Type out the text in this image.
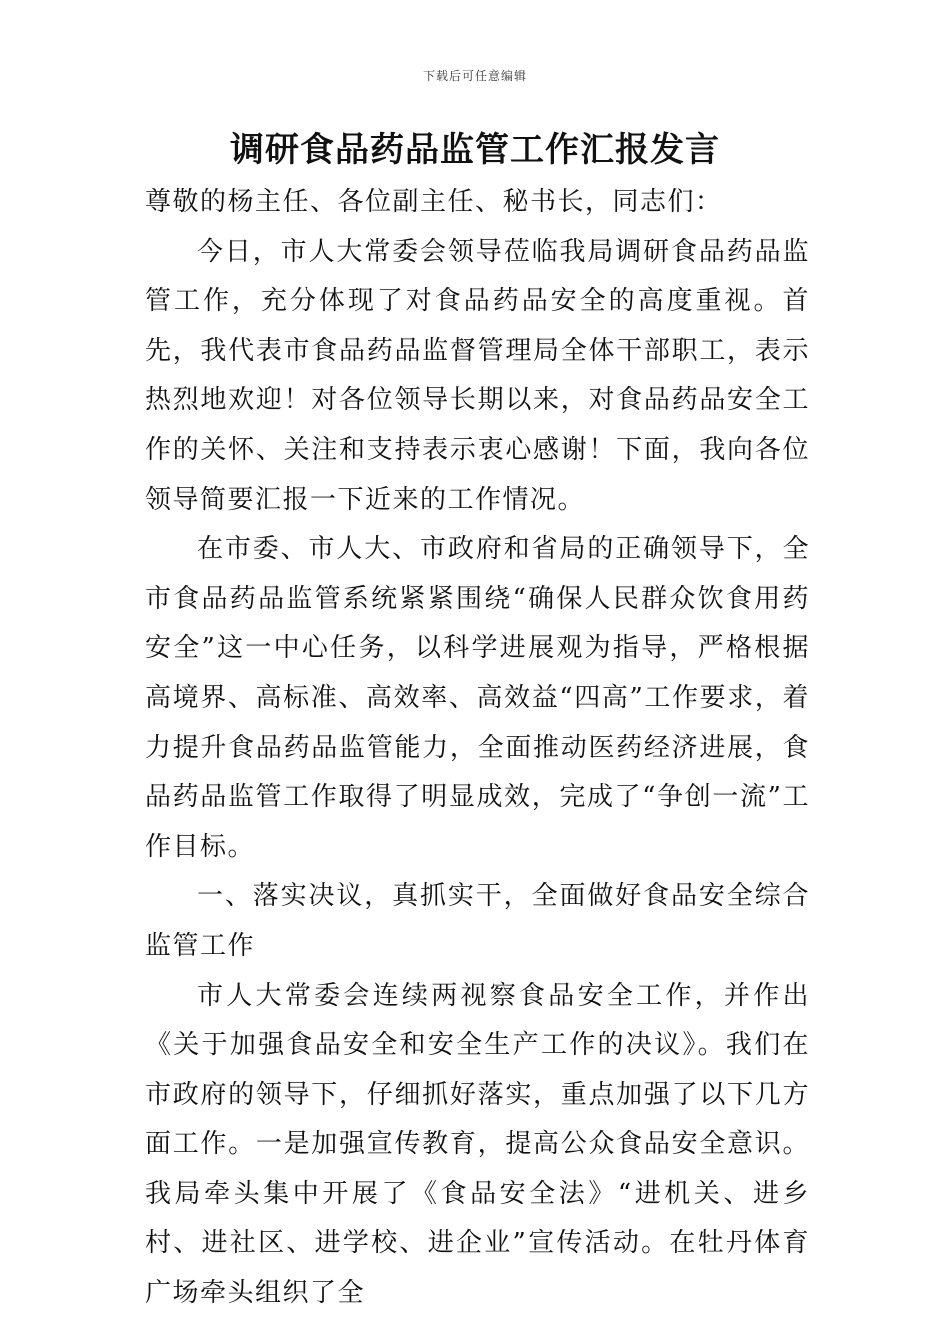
下载后可任意编辑
调研食品药品监管工作汇报发言

尊敬的杨主任、各位副主任、秘书长，同志们：

今日，市人大常委会领导莅临我局调研食品药品监管工作，充分体现了对食品药品安全的高度重视。首先，我代表市食品药品监督管理局全体干部职工，表示热烈地欢迎！对各位领导长期以来，对食品药品安全工作的关怀、关注和支持表示衷心感谢！下面，我向各位领导简要汇报一下近来的工作情况。

在市委、市人大、市政府和省局的正确领导下，全市食品药品监管系统紧紧围绕“确保人民群众饮食用药安全”这一中心任务，以科学进展观为指导，严格根据高境界、高标准、高效率、高效益“四高”工作要求，着力提升食品药品监管能力，全面推动医药经济进展，食品药品监管工作取得了明显成效，完成了“争创一流”工作目标。

一、落实决议，真抓实干，全面做好食品安全综合监管工作

市人大常委会连续两视察食品安全工作，并作出《关于加强食品安全和安全生产工作的决议》。我们在市政府的领导下，仔细抓好落实，重点加强了以下几方面工作。一是加强宣传教育，提高公众食品安全意识。我局牵头集中开展了《食品安全法》“进机关、进乡村、进社区、进学校、进企业”宣传活动。在牡丹体育广场牵头组织了全
